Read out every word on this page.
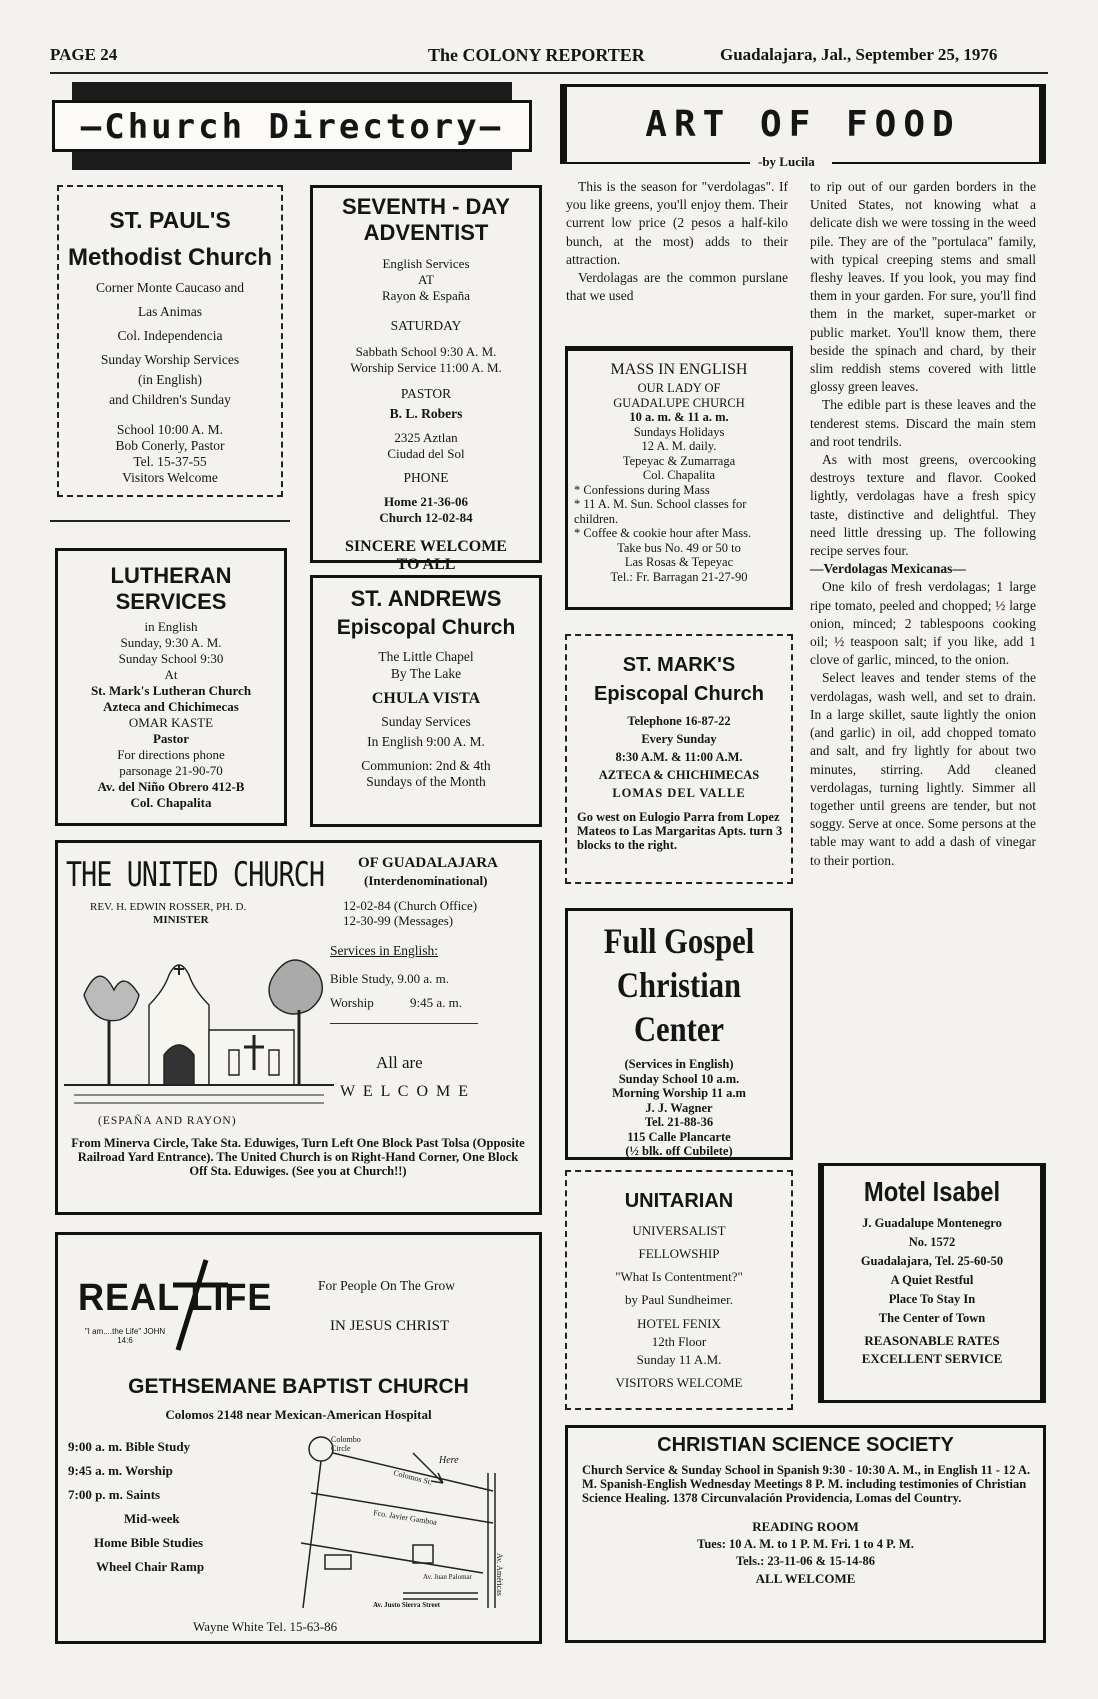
PAGE 24	The COLONY REPORTER	Guadalajara, Jal., September 25, 1976
—Church Directory—
ST. PAUL'S
Methodist Church
Corner Monte Caucaso and
Las Animas
Col. Independencia
Sunday Worship Services
(in English)
and Children's Sunday
School 10:00 A. M.
Bob Conerly, Pastor
Tel. 15-37-55
Visitors Welcome
SEVENTH - DAY ADVENTIST
English Services
AT
Rayon & España
SATURDAY
Sabbath School 9:30 A. M.
Worship Service 11:00 A. M.
PASTOR
B. L. Robers
2325 Aztlan
Ciudad del Sol
PHONE
Home 21-36-06
Church 12-02-84
SINCERE WELCOME TO ALL
LUTHERAN SERVICES
in English
Sunday, 9:30 A. M.
Sunday School 9:30
At
St. Mark's Lutheran Church
Azteca and Chichimecas
OMAR KASTE
Pastor
For directions phone
parsonage 21-90-70
Av. del Niño Obrero 412-B
Col. Chapalita
ST. ANDREWS
Episcopal Church
The Little Chapel
By The Lake
CHULA VISTA
Sunday Services
In English 9:00 A. M.
Communion: 2nd & 4th
Sundays of the Month
THE UNITED CHURCH OF GUADALAJARA
(Interdenominational)
REV. H. EDWIN ROSSER, PH. D.
MINISTER
12-02-84 (Church Office)
12-30-99 (Messages)
(ESPAÑA AND RAYON)
Services in English:
Bible Study, 9.00 a. m.
Worship	9:45 a. m.
All are
W E L C O M E
From Minerva Circle, Take Sta. Eduwiges, Turn Left One Block Past Tolsa (Opposite Railroad Yard Entrance). The United Church is on Right-Hand Corner, One Block Off Sta. Eduwiges. (See you at Church!!)
REAL LIFE
"I am....the Life" JOHN 14:6
For People On The Grow
IN JESUS CHRIST
GETHSEMANE BAPTIST CHURCH
Colomos 2148 near Mexican-American Hospital
9:00 a. m. Bible Study
9:45 a. m. Worship
7:00 p. m. Saints
Mid-week
Home Bible Studies
Wheel Chair Ramp
Colombo Circle
Colomos St.
Here
Av. Américas
Fco. Javier Gamboa
Av. Juan Palomar
Av. Justo Sierra Street
Wayne White Tel. 15-63-86
ART OF FOOD
-by Lucila

This is the season for "verdolagas". If you like greens, you'll enjoy them. Their current low price (2 pesos a half-kilo bunch, at the most) adds to their attraction.

Verdolagas are the common purslane that we used

to rip out of our garden borders in the United States, not knowing what a delicate dish we were tossing in the weed pile. They are of the "portulaca" family, with typical creeping stems and small fleshy leaves. If you look, you may find them in your garden. For sure, you'll find them in the market, super-market or public market. You'll know them, there beside the spinach and chard, by their slim reddish stems covered with little glossy green leaves.

The edible part is these leaves and the tenderest stems. Discard the main stem and root tendrils.

As with most greens, overcooking destroys texture and flavor. Cooked lightly, verdolagas have a fresh spicy taste, distinctive and delightful. They need little dressing up. The following recipe serves four.

—Verdolagas Mexicanas—

One kilo of fresh verdolagas; 1 large ripe tomato, peeled and chopped; ½ large onion, minced; 2 tablespoons cooking oil; ½ teaspoon salt; if you like, add 1 clove of garlic, minced, to the onion.

Select leaves and tender stems of the verdolagas, wash well, and set to drain. In a large skillet, saute lightly the onion (and garlic) in oil, add chopped tomato and salt, and fry lightly for about two minutes, stirring. Add cleaned verdolagas, turning lightly. Simmer all together until greens are tender, but not soggy. Serve at once. Some persons at the table may want to add a dash of vinegar to their portion.

MASS IN ENGLISH
OUR LADY OF
GUADALUPE CHURCH
10 a. m. & 11 a. m.
Sundays Holidays
12 A. M. daily.
Tepeyac & Zumarraga
Col. Chapalita
* Confessions during Mass
* 11 A. M. Sun. School classes for children.
* Coffee & cookie hour after Mass.
Take bus No. 49 or 50 to
Las Rosas & Tepeyac
Tel.: Fr. Barragan 21-27-90
ST. MARK'S
Episcopal Church
Telephone 16-87-22
Every Sunday
8:30 A.M. & 11:00 A.M.
AZTECA & CHICHIMECAS
LOMAS DEL VALLE
Go west on Eulogio Parra from Lopez Mateos to Las Margaritas Apts. turn 3 blocks to the right.
Full Gospel
Christian
Center
(Services in English)
Sunday School 10 a.m.
Morning Worship 11 a.m
J. J. Wagner
Tel. 21-88-36
115 Calle Plancarte
(½ blk. off Cubilete)
UNITARIAN
UNIVERSALIST
FELLOWSHIP
"What Is Contentment?"
by Paul Sundheimer.
HOTEL FENIX
12th Floor
Sunday 11 A.M.
VISITORS WELCOME
Motel Isabel
J. Guadalupe Montenegro
No. 1572
Guadalajara, Tel. 25-60-50
A Quiet Restful
Place To Stay In
The Center of Town
REASONABLE RATES
EXCELLENT SERVICE
CHRISTIAN SCIENCE SOCIETY
Church Service & Sunday School in Spanish 9:30 - 10:30 A. M., in English 11 - 12 A. M. Spanish-English Wednesday Meetings 8 P. M. including testimonies of Christian Science Healing. 1378 Circunvalación Providencia, Lomas del Country.
READING ROOM
Tues: 10 A. M. to 1 P. M. Fri. 1 to 4 P. M.
Tels.: 23-11-06 & 15-14-86
ALL WELCOME
